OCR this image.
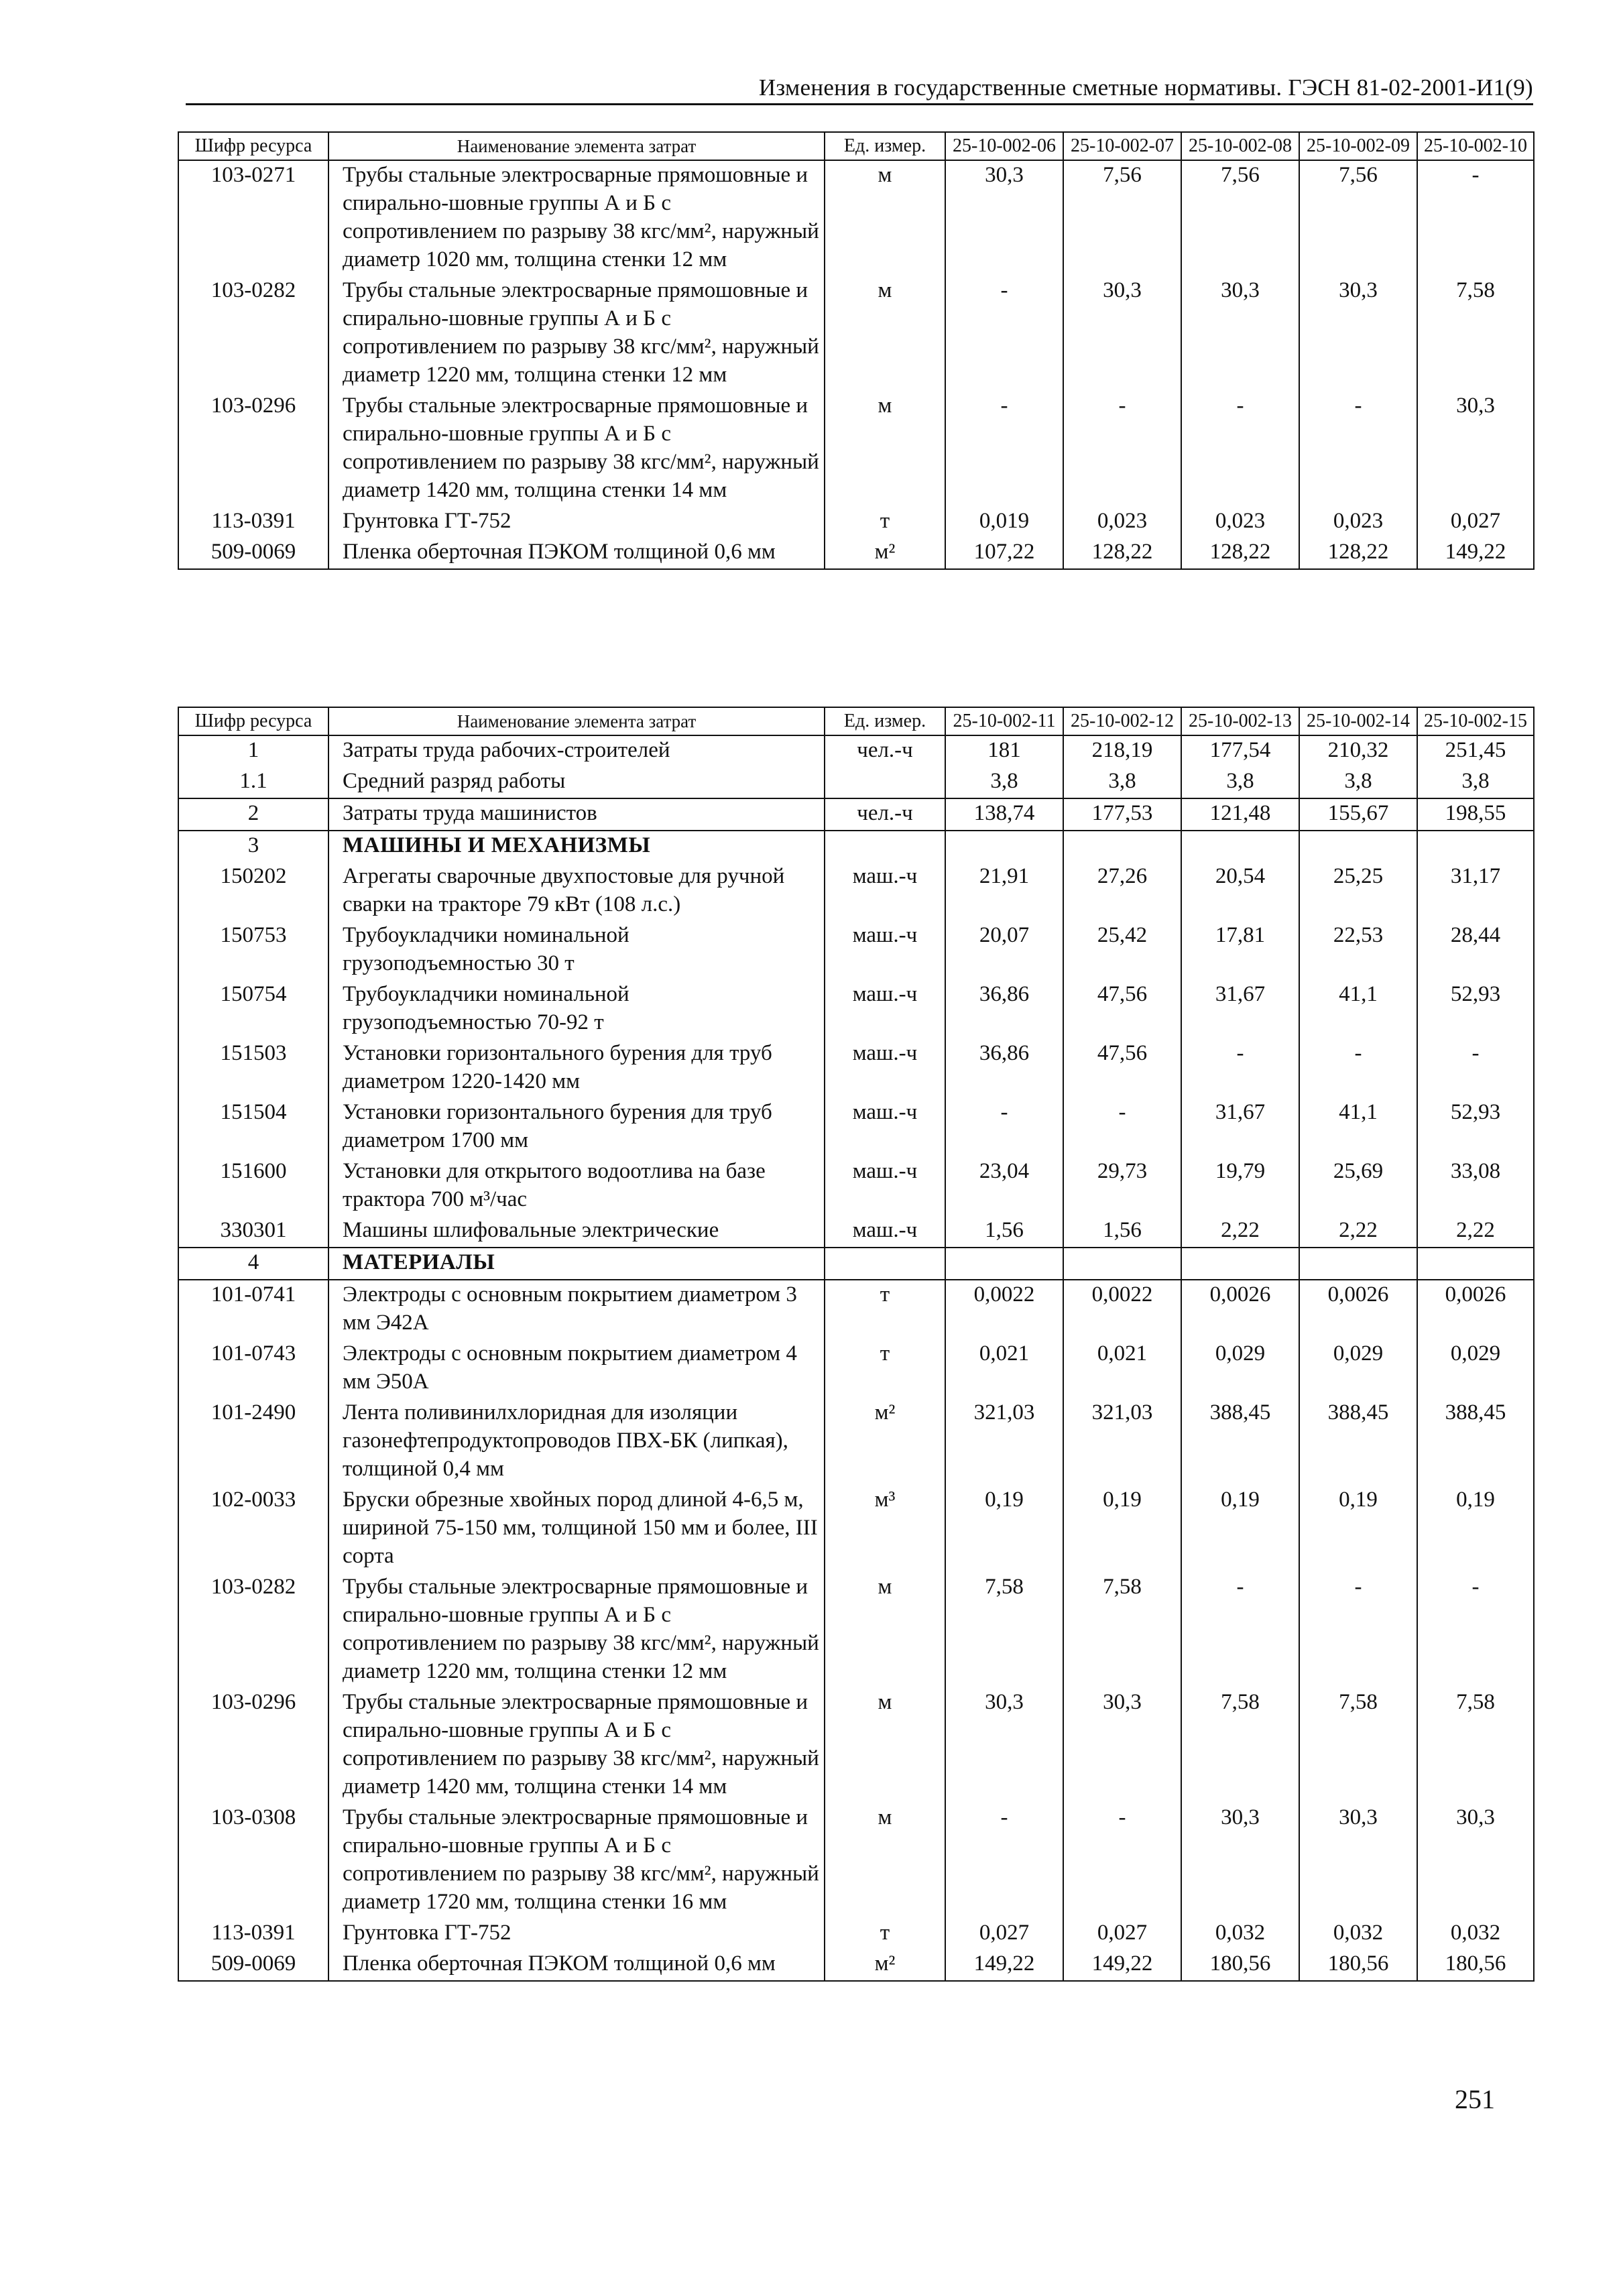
Изменения в государственные сметные нормативы. ГЭСН 81-02-2001-И1(9)
Шифр ресурса	Наименование элемента затрат	Ед. измер.	25-10-002-06	25-10-002-07	25-10-002-08	25-10-002-09	25-10-002-10
103-0271	Трубы стальные электросварные прямошовные и спирально-шовные группы А и Б с сопротивлением по разрыву 38 кгс/мм², наружный диаметр 1020 мм, толщина стенки 12 мм	м	30,3	7,56	7,56	7,56	-
103-0282	Трубы стальные электросварные прямошовные и спирально-шовные группы А и Б с сопротивлением по разрыву 38 кгс/мм², наружный диаметр 1220 мм, толщина стенки 12 мм	м	-	30,3	30,3	30,3	7,58
103-0296	Трубы стальные электросварные прямошовные и спирально-шовные группы А и Б с сопротивлением по разрыву 38 кгс/мм², наружный диаметр 1420 мм, толщина стенки 14 мм	м	-	-	-	-	30,3
113-0391	Грунтовка ГТ-752	т	0,019	0,023	0,023	0,023	0,027
509-0069	Пленка оберточная ПЭКОМ толщиной 0,6 мм	м²	107,22	128,22	128,22	128,22	149,22
Шифр ресурса	Наименование элемента затрат	Ед. измер.	25-10-002-11	25-10-002-12	25-10-002-13	25-10-002-14	25-10-002-15
1	Затраты труда рабочих-строителей	чел.-ч	181	218,19	177,54	210,32	251,45
1.1	Средний разряд работы		3,8	3,8	3,8	3,8	3,8
2	Затраты труда машинистов	чел.-ч	138,74	177,53	121,48	155,67	198,55
3	МАШИНЫ И МЕХАНИЗМЫ						
150202	Агрегаты сварочные двухпостовые для ручной сварки на тракторе 79 кВт (108 л.с.)	маш.-ч	21,91	27,26	20,54	25,25	31,17
150753	Трубоукладчики номинальной грузоподъемностью 30 т	маш.-ч	20,07	25,42	17,81	22,53	28,44
150754	Трубоукладчики номинальной грузоподъемностью 70-92 т	маш.-ч	36,86	47,56	31,67	41,1	52,93
151503	Установки горизонтального бурения для труб диаметром 1220-1420 мм	маш.-ч	36,86	47,56	-	-	-
151504	Установки горизонтального бурения для труб диаметром 1700 мм	маш.-ч	-	-	31,67	41,1	52,93
151600	Установки для открытого водоотлива на базе трактора 700 м³/час	маш.-ч	23,04	29,73	19,79	25,69	33,08
330301	Машины шлифовальные электрические	маш.-ч	1,56	1,56	2,22	2,22	2,22
4	МАТЕРИАЛЫ						
101-0741	Электроды с основным покрытием диаметром 3 мм Э42А	т	0,0022	0,0022	0,0026	0,0026	0,0026
101-0743	Электроды с основным покрытием диаметром 4 мм Э50А	т	0,021	0,021	0,029	0,029	0,029
101-2490	Лента поливинилхлоридная для изоляции газонефтепродуктопроводов ПВХ-БК (липкая), толщиной 0,4 мм	м²	321,03	321,03	388,45	388,45	388,45
102-0033	Бруски обрезные хвойных пород длиной 4-6,5 м, шириной 75-150 мм, толщиной 150 мм и более, III сорта	м³	0,19	0,19	0,19	0,19	0,19
103-0282	Трубы стальные электросварные прямошовные и спирально-шовные группы А и Б с сопротивлением по разрыву 38 кгс/мм², наружный диаметр 1220 мм, толщина стенки 12 мм	м	7,58	7,58	-	-	-
103-0296	Трубы стальные электросварные прямошовные и спирально-шовные группы А и Б с сопротивлением по разрыву 38 кгс/мм², наружный диаметр 1420 мм, толщина стенки 14 мм	м	30,3	30,3	7,58	7,58	7,58
103-0308	Трубы стальные электросварные прямошовные и спирально-шовные группы А и Б с сопротивлением по разрыву 38 кгс/мм², наружный диаметр 1720 мм, толщина стенки 16 мм	м	-	-	30,3	30,3	30,3
113-0391	Грунтовка ГТ-752	т	0,027	0,027	0,032	0,032	0,032
509-0069	Пленка оберточная ПЭКОМ толщиной 0,6 мм	м²	149,22	149,22	180,56	180,56	180,56
251
